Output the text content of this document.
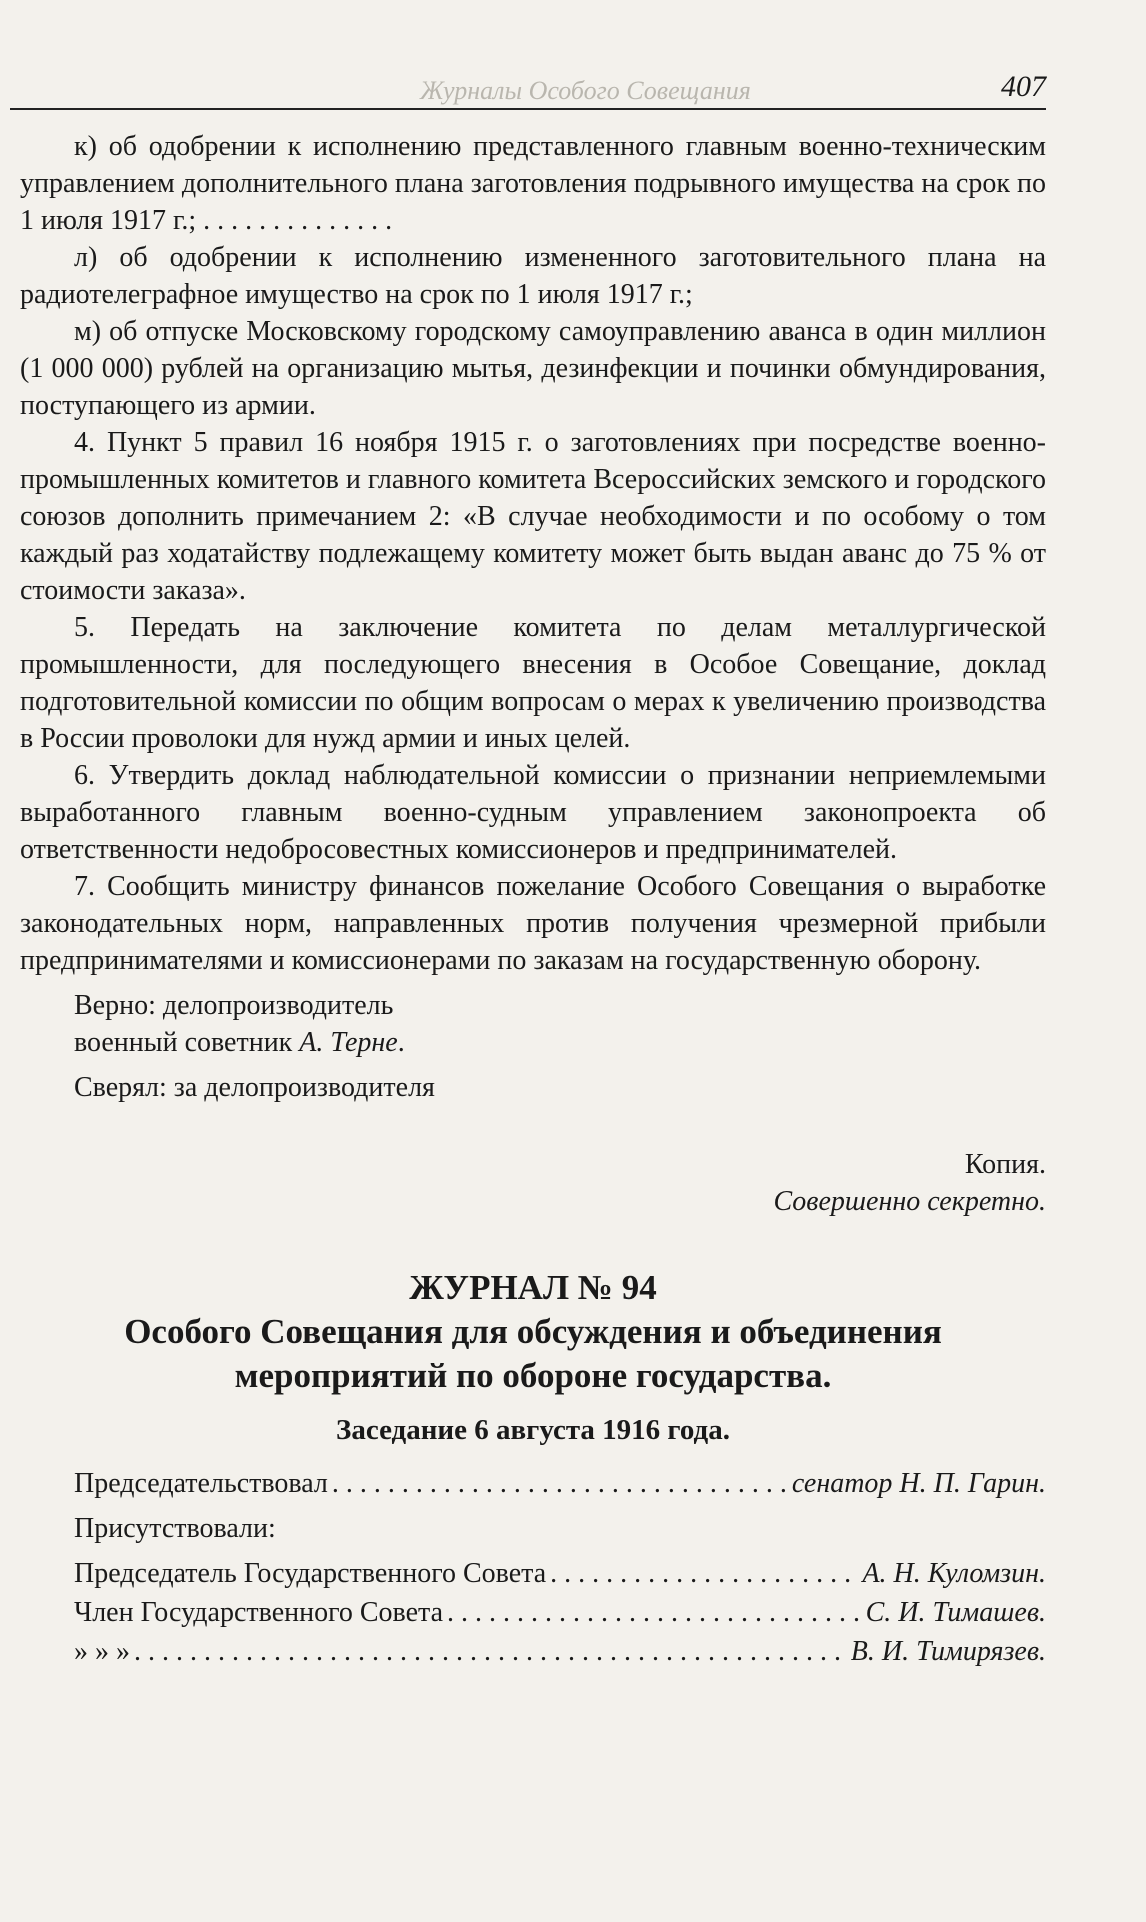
Журналы Особого Совещания	407

к) об одобрении к исполнению представленного главным военно-техническим управлением дополнительного плана заготовления подрывного имущества на срок по 1 июля 1917 г.; . . . . . . . . . . . . . .

л) об одобрении к исполнению измененного заготовительного плана на радиотелеграфное имущество на срок по 1 июля 1917 г.;

м) об отпуске Московскому городскому самоуправлению аванса в один миллион (1 000 000) рублей на организацию мытья, дезинфекции и починки обмундирования, поступающего из армии.

4. Пункт 5 правил 16 ноября 1915 г. о заготовлениях при посредстве военно-промышленных комитетов и главного комитета Всероссийских земского и городского союзов дополнить примечанием 2: «В случае необходимости и по особому о том каждый раз ходатайству подлежащему комитету может быть выдан аванс до 75 % от стоимости заказа».

5. Передать на заключение комитета по делам металлургической промышленности, для последующего внесения в Особое Совещание, доклад подготовительной комиссии по общим вопросам о мерах к увеличению производства в России проволоки для нужд армии и иных целей.

6. Утвердить доклад наблюдательной комиссии о признании неприемлемыми выработанного главным военно-судным управлением законопроекта об ответственности недобросовестных комиссионеров и предпринимателей.

7. Сообщить министру финансов пожелание Особого Совещания о выработке законодательных норм, направленных против получения чрезмерной прибыли предпринимателями и комиссионерами по заказам на государственную оборону.

Верно: делопроизводитель
военный советник А. Терне.
Сверял: за делопроизводителя
Копия.
Совершенно секретно.
ЖУРНАЛ № 94
Особого Совещания для обсуждения и объединения
мероприятий по обороне государства.
Заседание 6 августа 1916 года.
Председательствовал . . .	сенатор Н. П. Гарин.
Присутствовали:
Председатель Государственного Совета . . .	А. Н. Куломзин.
Член Государственного Совета . . .	С. И. Тимашев.
» » » . . .	В. И. Тимирязев.
